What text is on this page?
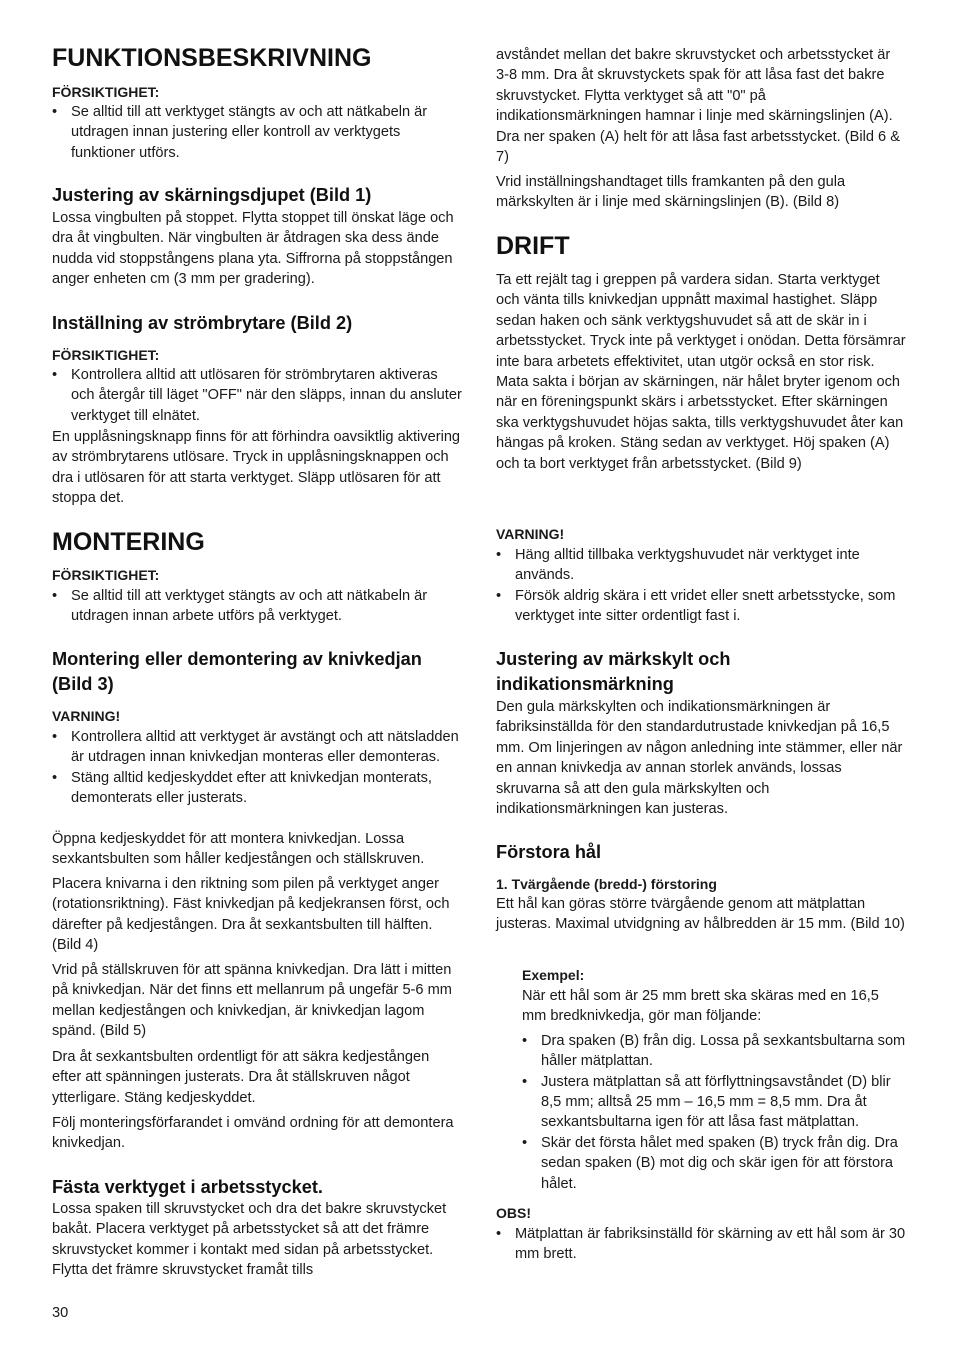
FUNKTIONSBESKRIVNING
FÖRSIKTIGHET:
• Se alltid till att verktyget stängts av och att nätkabeln är utdragen innan justering eller kontroll av verktygets funktioner utförs.
Justering av skärningsdjupet (Bild 1)

Lossa vingbulten på stoppet. Flytta stoppet till önskat läge och dra åt vingbulten. När vingbulten är åtdragen ska dess ände nudda vid stoppstångens plana yta. Siffrorna på stoppstången anger enheten cm (3 mm per gradering).

Inställning av strömbrytare (Bild 2)
FÖRSIKTIGHET:
• Kontrollera alltid att utlösaren för strömbrytaren aktiveras och återgår till läget "OFF" när den släpps, innan du ansluter verktyget till elnätet.

En upplåsningsknapp finns för att förhindra oavsiktlig aktivering av strömbrytarens utlösare. Tryck in upplåsningsknappen och dra i utlösaren för att starta verktyget. Släpp utlösaren för att stoppa det.

MONTERING
FÖRSIKTIGHET:
• Se alltid till att verktyget stängts av och att nätkabeln är utdragen innan arbete utförs på verktyget.
Montering eller demontering av knivkedjan (Bild 3)
VARNING!
• Kontrollera alltid att verktyget är avstängt och att nätsladden är utdragen innan knivkedjan monteras eller demonteras.
• Stäng alltid kedjeskyddet efter att knivkedjan monterats, demonterats eller justerats.

Öppna kedjeskyddet för att montera knivkedjan. Lossa sexkantsbulten som håller kedjestången och ställskruven.

Placera knivarna i den riktning som pilen på verktyget anger (rotationsriktning). Fäst knivkedjan på kedjekransen först, och därefter på kedjestången. Dra åt sexkantsbulten till hälften. (Bild 4)

Vrid på ställskruven för att spänna knivkedjan. Dra lätt i mitten på knivkedjan. När det finns ett mellanrum på ungefär 5-6 mm mellan kedjestången och knivkedjan, är knivkedjan lagom spänd. (Bild 5)

Dra åt sexkantsbulten ordentligt för att säkra kedjestången efter att spänningen justerats. Dra åt ställskruven något ytterligare. Stäng kedjeskyddet.

Följ monteringsförfarandet i omvänd ordning för att demontera knivkedjan.

Fästa verktyget i arbetsstycket.

Lossa spaken till skruvstycket och dra det bakre skruvstycket bakåt. Placera verktyget på arbetsstycket så att det främre skruvstycket kommer i kontakt med sidan på arbetsstycket. Flytta det främre skruvstycket framåt tills

avståndet mellan det bakre skruvstycket och arbetsstycket är 3-8 mm. Dra åt skruvstyckets spak för att låsa fast det bakre skruvstycket. Flytta verktyget så att "0" på indikationsmärkningen hamnar i linje med skärningslinjen (A). Dra ner spaken (A) helt för att låsa fast arbetsstycket. (Bild 6 & 7)

Vrid inställningshandtaget tills framkanten på den gula märkskylten är i linje med skärningslinjen (B). (Bild 8)

DRIFT

Ta ett rejält tag i greppen på vardera sidan. Starta verktyget och vänta tills knivkedjan uppnått maximal hastighet. Släpp sedan haken och sänk verktygshuvudet så att de skär in i arbetsstycket. Tryck inte på verktyget i onödan. Detta försämrar inte bara arbetets effektivitet, utan utgör också en stor risk. Mata sakta i början av skärningen, när hålet bryter igenom och när en föreningspunkt skärs i arbetsstycket. Efter skärningen ska verktygshuvudet höjas sakta, tills verktygshuvudet åter kan hängas på kroken. Stäng sedan av verktyget. Höj spaken (A) och ta bort verktyget från arbetsstycket. (Bild 9)

VARNING!
• Häng alltid tillbaka verktygshuvudet när verktyget inte används.
• Försök aldrig skära i ett vridet eller snett arbetsstycke, som verktyget inte sitter ordentligt fast i.
Justering av märkskylt och indikationsmärkning

Den gula märkskylten och indikationsmärkningen är fabriksinställda för den standardutrustade knivkedjan på 16,5 mm. Om linjeringen av någon anledning inte stämmer, eller när en annan knivkedja av annan storlek används, lossas skruvarna så att den gula märkskylten och indikationsmärkningen kan justeras.

Förstora hål
1. Tvärgående (bredd-) förstoring

Ett hål kan göras större tvärgående genom att mätplattan justeras. Maximal utvidgning av hålbredden är 15 mm. (Bild 10)

Exempel:

När ett hål som är 25 mm brett ska skäras med en 16,5 mm bredknivkedja, gör man följande:

• Dra spaken (B) från dig. Lossa på sexkantsbultarna som håller mätplattan.
• Justera mätplattan så att förflyttningsavståndet (D) blir 8,5 mm; alltså 25 mm – 16,5 mm = 8,5 mm. Dra åt sexkantsbultarna igen för att låsa fast mätplattan.
• Skär det första hålet med spaken (B) tryck från dig. Dra sedan spaken (B) mot dig och skär igen för att förstora hålet.
OBS!
• Mätplattan är fabriksinställd för skärning av ett hål som är 30 mm brett.
30
